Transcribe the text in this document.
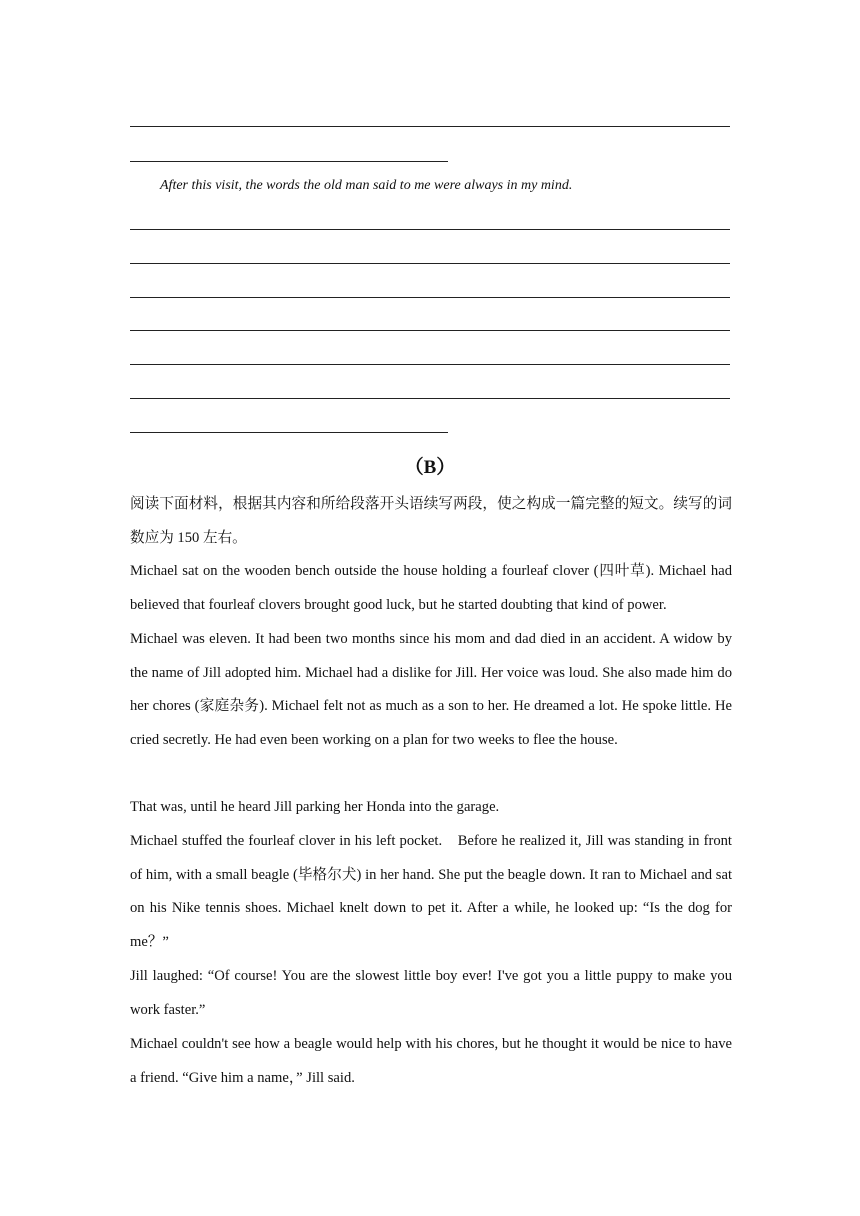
After this visit, the words the old man said to me were always in my mind.
（B）

阅读下面材料，根据其内容和所给段落开头语续写两段，使之构成一篇完整的短文。续写的词数应为 150 左右。

Michael sat on the wooden bench outside the house holding a fourleaf clover (四叶草). Michael had believed that fourleaf clovers brought good luck, but he started doubting that kind of power.

Michael was eleven. It had been two months since his mom and dad died in an accident. A widow by the name of Jill adopted him. Michael had a dislike for Jill. Her voice was loud. She also made him do her chores (家庭杂务). Michael felt not as much as a son to her. He dreamed a lot. He spoke little. He cried secretly. He had even been working on a plan for two weeks to flee the house.

That was, until he heard Jill parking her Honda into the garage.

Michael stuffed the fourleaf clover in his left pocket.　Before he realized it, Jill was standing in front of him, with a small beagle (毕格尔犬) in her hand. She put the beagle down. It ran to Michael and sat on his Nike tennis shoes. Michael knelt down to pet it. After a while, he looked up: “Is the dog for me？”

Jill laughed: “Of course! You are the slowest little boy ever! I've got you a little puppy to make you work faster.”

Michael couldn't see how a beagle would help with his chores, but he thought it would be nice to have a friend. “Give him a name，” Jill said.
